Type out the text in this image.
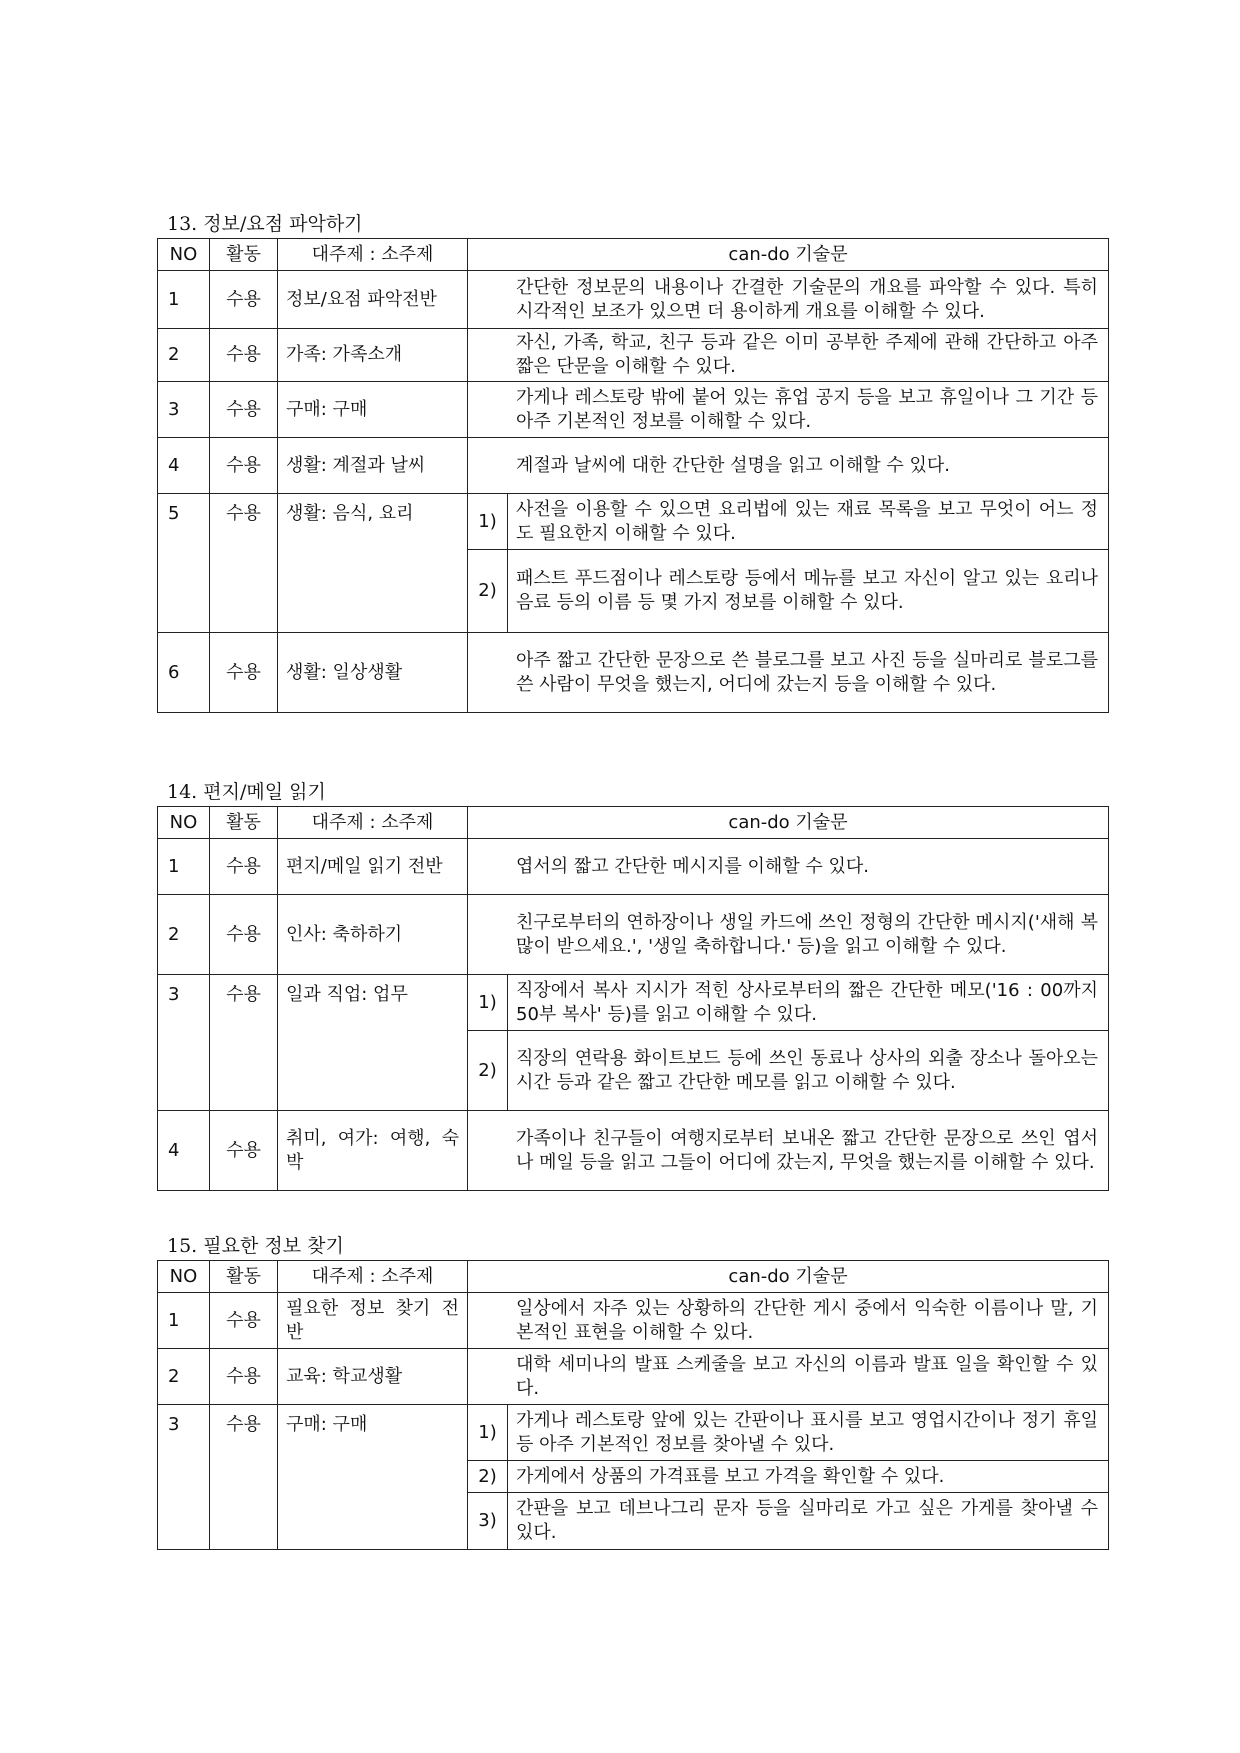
13. 정보/요점 파악하기
NO	활동	대주제 : 소주제	can-do 기술문	
1	수용	정보/요점 파악전반	간단한 정보문의 내용이나 간결한 기술문의 개요를 파악할 수 있다. 특히 시각적인 보조가 있으면 더 용이하게 개요를 이해할 수 있다.	
2	수용	가족: 가족소개	자신, 가족, 학교, 친구 등과 같은 이미 공부한 주제에 관해 간단하고 아주 짧은 단문을 이해할 수 있다.	
3	수용	구매: 구매	가게나 레스토랑 밖에 붙어 있는 휴업 공지 등을 보고 휴일이나 그 기간 등 아주 기본적인 정보를 이해할 수 있다.	
4	수용	생활: 계절과 날씨	계절과 날씨에 대한 간단한 설명을 읽고 이해할 수 있다.	
5	수용	생활: 음식, 요리	1)	사전을 이용할 수 있으면 요리법에 있는 재료 목록을 보고 무엇이 어느 정도 필요한지 이해할 수 있다.
			2)	패스트 푸드점이나 레스토랑 등에서 메뉴를 보고 자신이 알고 있는 요리나 음료 등의 이름 등 몇 가지 정보를 이해할 수 있다.
6	수용	생활: 일상생활	아주 짧고 간단한 문장으로 쓴 블로그를 보고 사진 등을 실마리로 블로그를 쓴 사람이 무엇을 했는지, 어디에 갔는지 등을 이해할 수 있다.	
14. 편지/메일 읽기
NO	활동	대주제 : 소주제	can-do 기술문	
1	수용	편지/메일 읽기 전반	엽서의 짧고 간단한 메시지를 이해할 수 있다.	
2	수용	인사: 축하하기	친구로부터의 연하장이나 생일 카드에 쓰인 정형의 간단한 메시지('새해 복 많이 받으세요.', '생일 축하합니다.' 등)을 읽고 이해할 수 있다.	
3	수용	일과 직업: 업무	1)	직장에서 복사 지시가 적힌 상사로부터의 짧은 간단한 메모('16 : 00까지 50부 복사' 등)를 읽고 이해할 수 있다.
			2)	직장의 연락용 화이트보드 등에 쓰인 동료나 상사의 외출 장소나 돌아오는 시간 등과 같은 짧고 간단한 메모를 읽고 이해할 수 있다.
4	수용	취미, 여가: 여행, 숙박	가족이나 친구들이 여행지로부터 보내온 짧고 간단한 문장으로 쓰인 엽서나 메일 등을 읽고 그들이 어디에 갔는지, 무엇을 했는지를 이해할 수 있다.	
15. 필요한 정보 찾기
NO	활동	대주제 : 소주제	can-do 기술문	
1	수용	필요한 정보 찾기 전반	일상에서 자주 있는 상황하의 간단한 게시 중에서 익숙한 이름이나 말, 기본적인 표현을 이해할 수 있다.	
2	수용	교육: 학교생활	대학 세미나의 발표 스케줄을 보고 자신의 이름과 발표 일을 확인할 수 있다.	
3	수용	구매: 구매	1)	가게나 레스토랑 앞에 있는 간판이나 표시를 보고 영업시간이나 정기 휴일 등 아주 기본적인 정보를 찾아낼 수 있다.
			2)	가게에서 상품의 가격표를 보고 가격을 확인할 수 있다.
			3)	간판을 보고 데브나그리 문자 등을 실마리로 가고 싶은 가게를 찾아낼 수 있다.
